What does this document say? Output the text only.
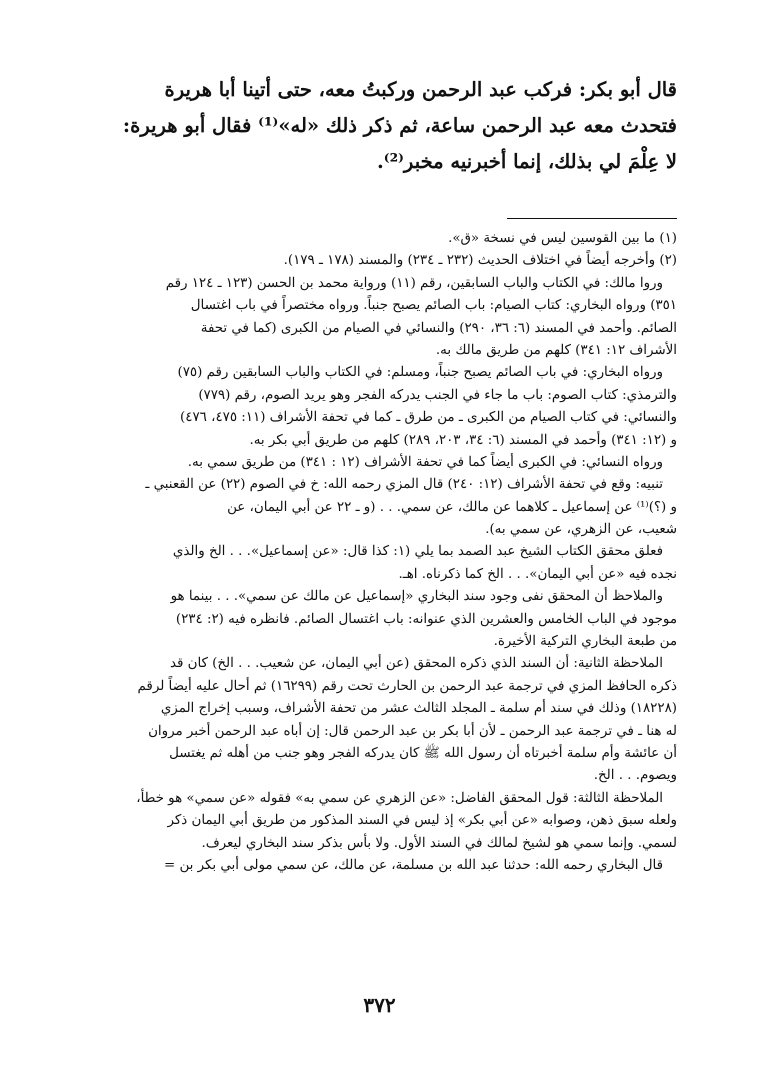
قال أبو بكر: فركب عبد الرحمن وركبتُ معه، حتى أتينا أبا هريرة
فتحدث معه عبد الرحمن ساعة، ثم ذكر ذلك «له»⁽¹⁾ فقال أبو هريرة:
لا عِلْمَ لي بذلك، إنما أخبرنيه مخبر⁽²⁾.
(١) ما بين القوسين ليس في نسخة «ق».
(٢) وأخرجه أيضاً في اختلاف الحديث (٢٣٢ ـ ٢٣٤) والمسند (١٧٨ ـ ١٧٩).
وروا مالك: في الكتاب والباب السابقين، رقم (١١) ورواية محمد بن الحسن (١٢٣ ـ ١٢٤ رقم
٣٥١) ورواه البخاري: كتاب الصيام: باب الصائم يصبح جنباً. ورواه مختصراً في باب اغتسال
الصائم. وأحمد في المسند (٦: ٣٦، ٢٩٠) والنسائي في الصيام من الكبرى (كما في تحفة
الأشراف ١٢: ٣٤١) كلهم من طريق مالك به.
ورواه البخاري: في باب الصائم يصبح جنباً، ومسلم: في الكتاب والباب السابقين رقم (٧٥)
والترمذي: كتاب الصوم: باب ما جاء في الجنب يدركه الفجر وهو يريد الصوم، رقم (٧٧٩)
والنسائي: في كتاب الصيام من الكبرى ـ من طرق ـ كما في تحفة الأشراف (١١: ٤٧٥، ٤٧٦)
و (١٢: ٣٤١) وأحمد في المسند (٦: ٣٤، ٢٠٣، ٢٨٩) كلهم من طريق أبي بكر به.
ورواه النسائي: في الكبرى أيضاً كما في تحفة الأشراف (١٢ : ٣٤١) من طريق سمي به.
تنبيه: وقع في تحفة الأشراف (١٢: ٢٤٠) قال المزي رحمه الله: خ في الصوم (٢٢) عن القعنبي ـ
و (؟)⁽¹⁾ عن إسماعيل ـ كلاهما عن مالك، عن سمي. . . (و ـ ٢٢ عن أبي اليمان، عن
شعيب، عن الزهري، عن سمي به).
فعلق محقق الكتاب الشيخ عبد الصمد بما يلي (١: كذا قال: «عن إسماعيل». . . الخ والذي
نجده فيه «عن أبي اليمان». . . الخ كما ذكرناه. اهـ.
والملاحظ أن المحقق نفى وجود سند البخاري «إسماعيل عن مالك عن سمي». . . بينما هو
موجود في الباب الخامس والعشرين الذي عنوانه: باب اغتسال الصائم. فانظره فيه (٢: ٢٣٤)
من طبعة البخاري التركية الأخيرة.
الملاحظة الثانية: أن السند الذي ذكره المحقق (عن أبي اليمان، عن شعيب. . . الخ) كان قد
ذكره الحافظ المزي في ترجمة عبد الرحمن بن الحارث تحت رقم (١٦٢٩٩) ثم أحال عليه أيضاً لرقم
(١٨٢٢٨) وذلك في سند أم سلمة ـ المجلد الثالث عشر من تحفة الأشراف، وسبب إخراج المزي
له هنا ـ في ترجمة عبد الرحمن ـ لأن أبا بكر بن عبد الرحمن قال: إن أباه عبد الرحمن أخبر مروان
أن عائشة وأم سلمة أخبرتاه أن رسول الله ﷺ كان يدركه الفجر وهو جنب من أهله ثم يغتسل
ويصوم. . . الخ.
الملاحظة الثالثة: قول المحقق الفاضل: «عن الزهري عن سمي به» فقوله «عن سمي» هو خطأ،
ولعله سبق ذهن، وصوابه «عن أبي بكر» إذ ليس في السند المذكور من طريق أبي اليمان ذكر
لسمي. وإنما سمي هو لشيخ لمالك في السند الأول. ولا بأس بذكر سند البخاري ليعرف.
قال البخاري رحمه الله: حدثنا عبد الله بن مسلمة، عن مالك، عن سمي مولى أبي بكر بن =
٣٧٢
